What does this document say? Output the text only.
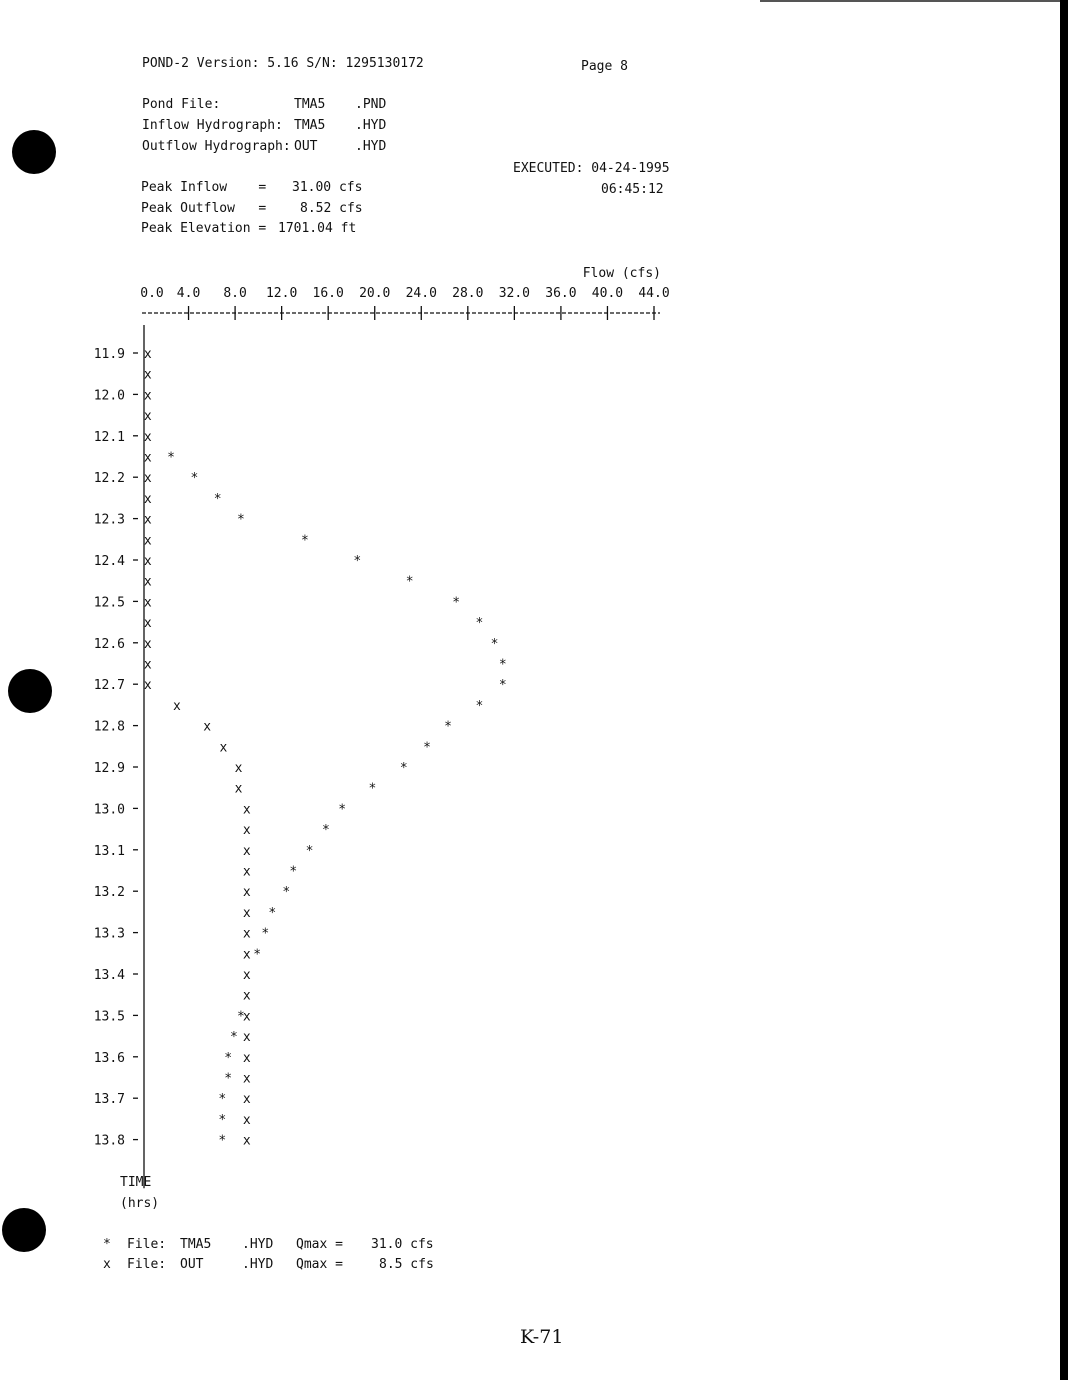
POND-2 Version: 5.16 S/N: 1295130172	Page 8
Pond File:	TMA5 .PND
Inflow Hydrograph: TMA5 .HYD
Outflow Hydrograph: OUT	.HYD
EXECUTED: 04-24-1995
06:45:12
Peak Inflow    = 31.00 cfs
Peak Outflow   =	8.52 cfs
Peak Elevation = 1701.04 ft
Flow (cfs)
0.0 4.0 8.0 12.0 16.0 20.0 24.0 28.0 32.0 36.0 40.0 44.0
11.9
12.0
12.1
12.2
12.3
12.4
12.5
12.6
12.7
12.8
12.9
13.0
13.1
13.2
13.3
13.4
13.5
13.6
13.7
13.8
*
*
*
*
*
*
*
*
*
*
*
*
*
*
*
*
*
*
*
*
*
*
*
*
*
*
*
*
*
*
*
*
x
x
x
x
x
x
x
x
x
x
x
x
x
x
x
x
x
x
x
x
x
x
x
x
x
x
x
x
x
x
x
x
x
x
x
x
x
x
x
TIME
(hrs)
* File: TMA5 .HYD Qmax = 31.0 cfs
x File: OUT	.HYD Qmax =	8.5 cfs
K-71
